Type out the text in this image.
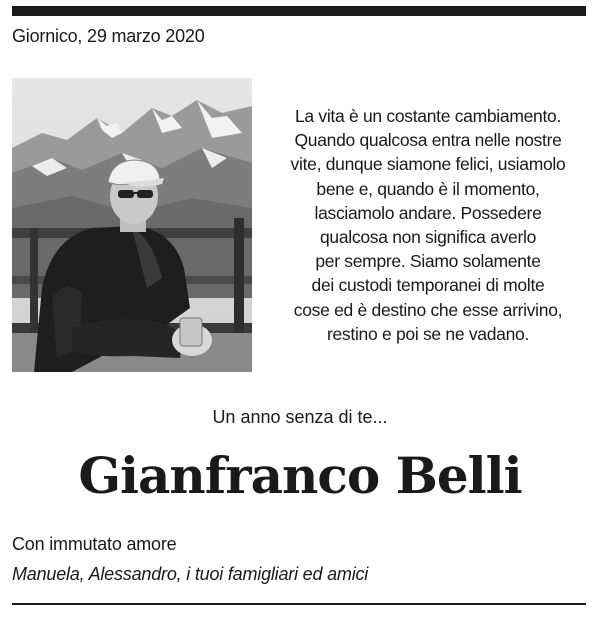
Giornico, 29 marzo 2020

La vita è un costante cambiamento.
Quando qualcosa entra nelle nostre
vite, dunque siamone felici, usiamolo
bene e, quando è il momento,
lasciamolo andare. Possedere
qualcosa non significa averlo
per sempre. Siamo solamente
dei custodi temporanei di molte
cose ed è destino che esse arrivino,
restino e poi se ne vadano.

Un anno senza di te...
Gianfranco Belli
Con immutato amore
Manuela, Alessandro, i tuoi famigliari ed amici
